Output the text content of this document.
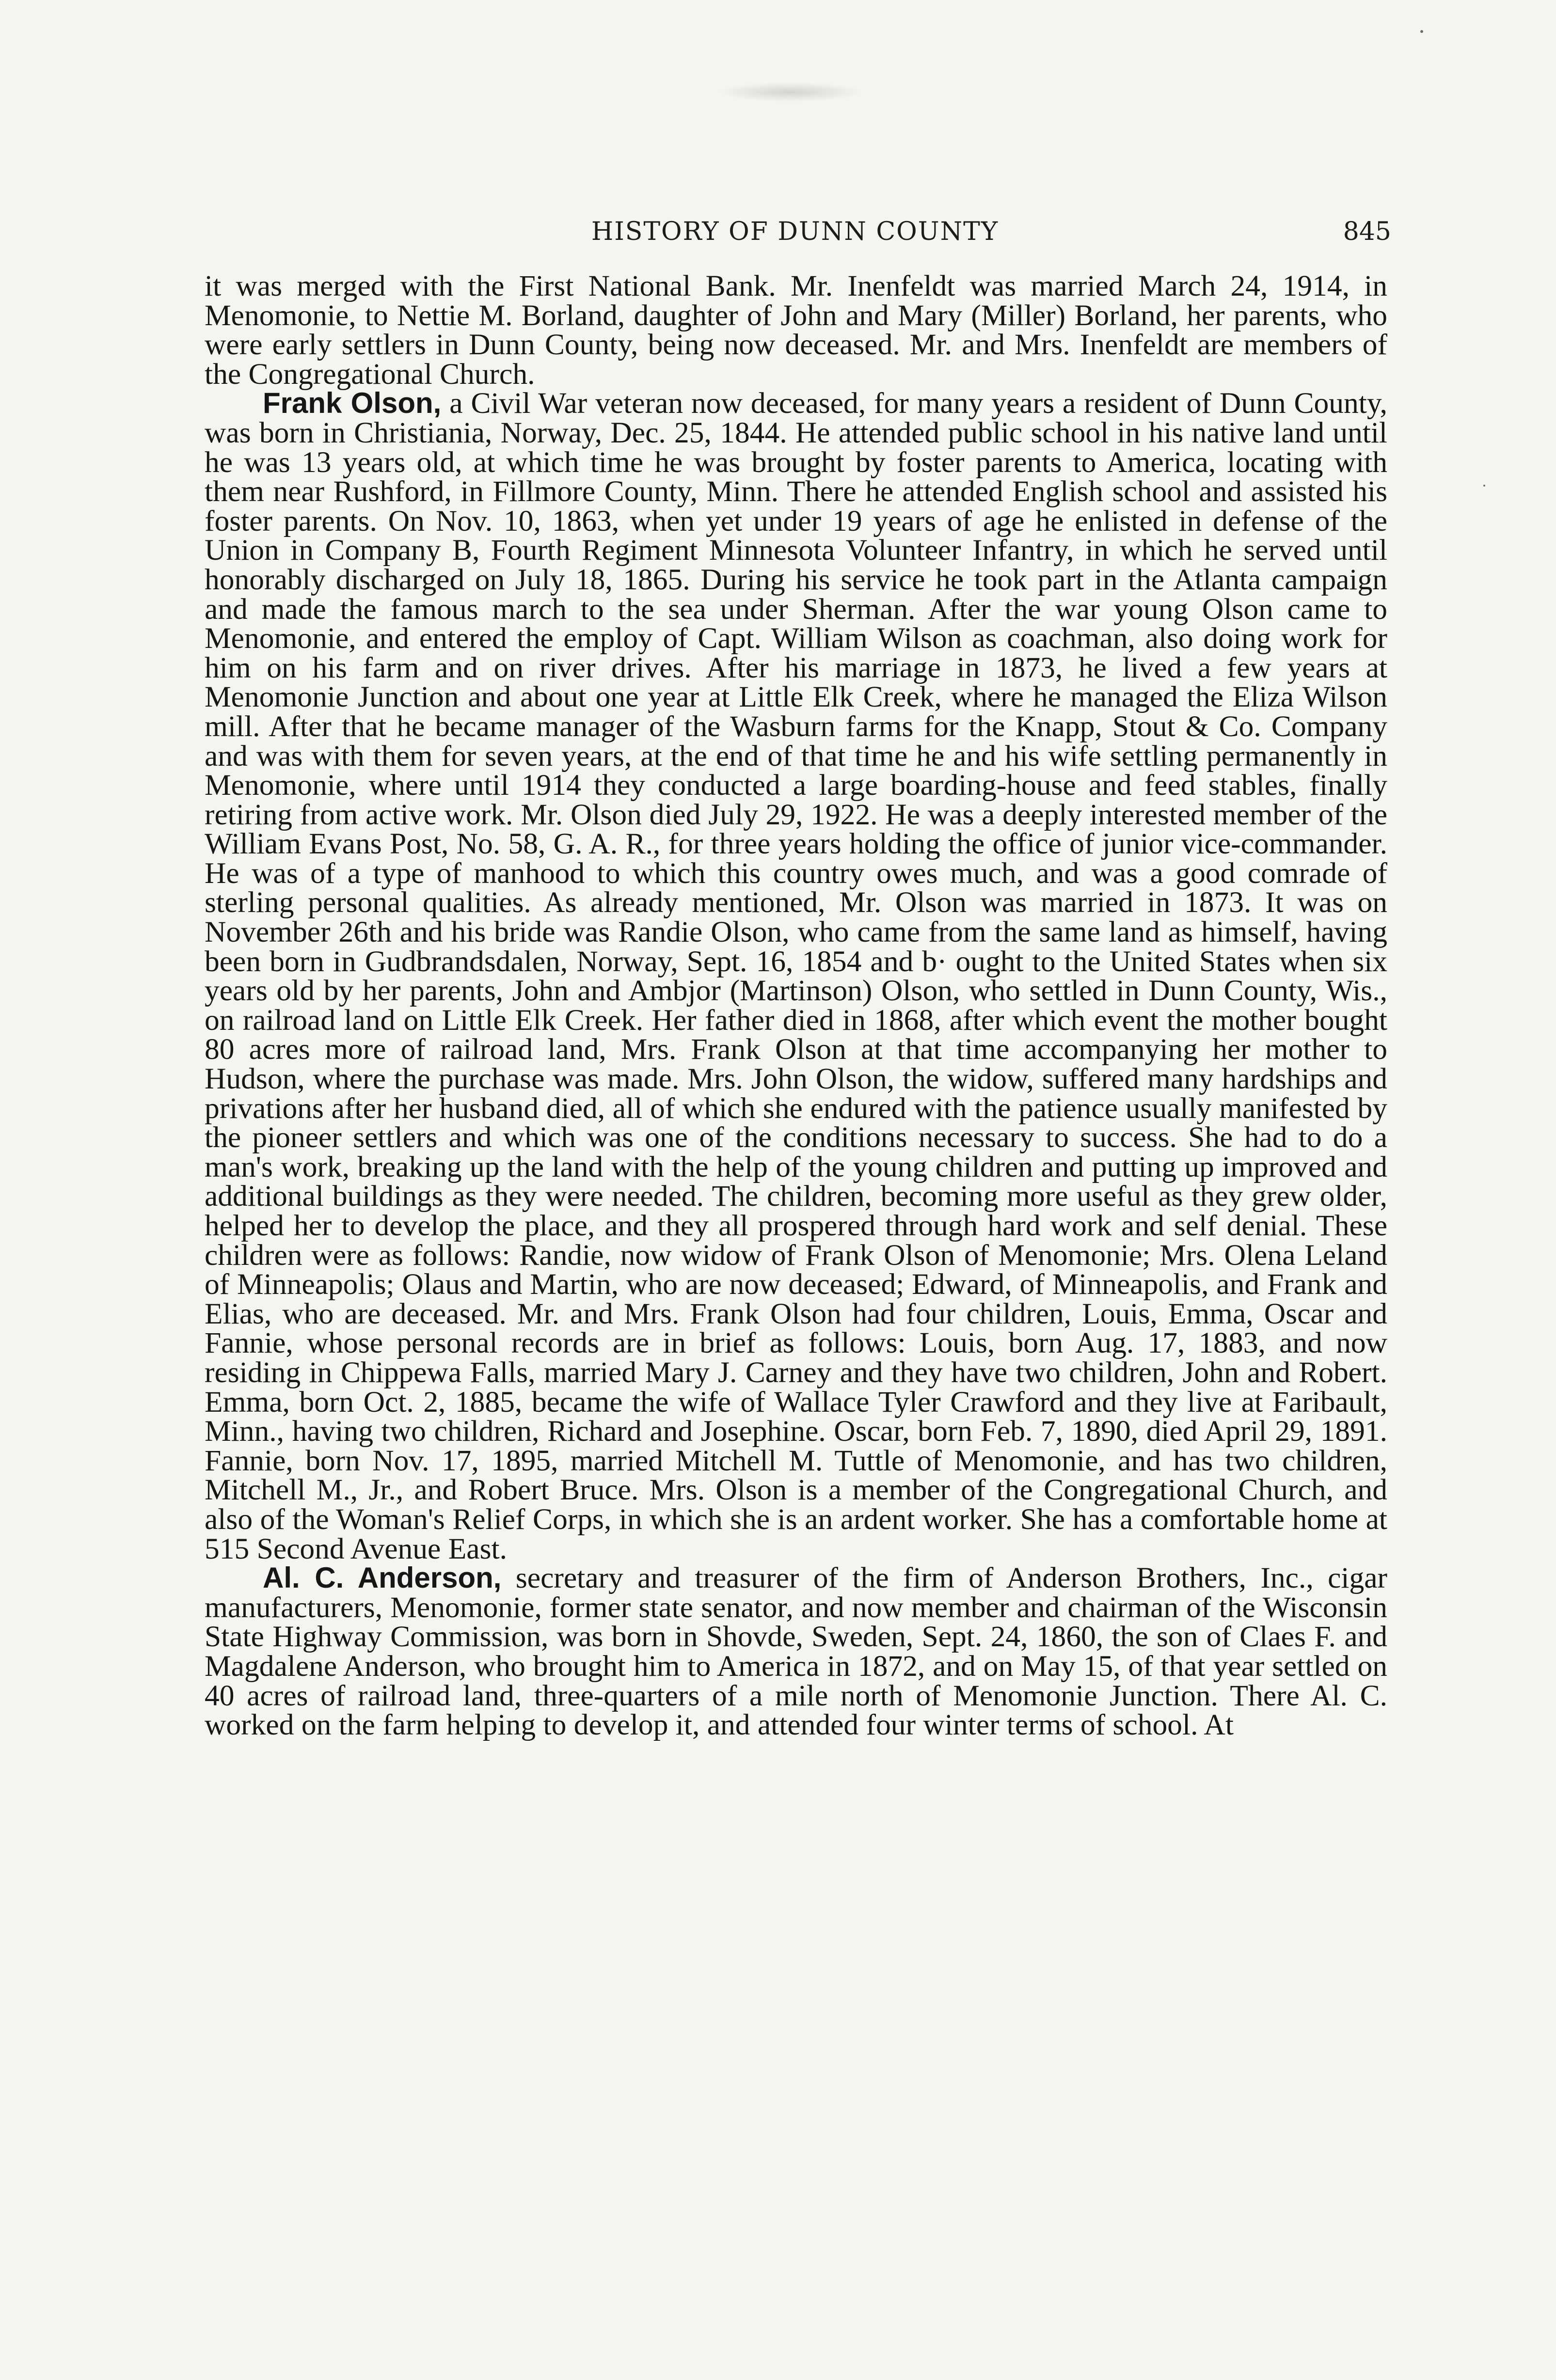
HISTORY OF DUNN COUNTY	845

it was merged with the First National Bank. Mr. Inenfeldt was married March 24, 1914, in Menomonie, to Nettie M. Borland, daughter of John and Mary (Miller) Borland, her parents, who were early settlers in Dunn County, being now deceased. Mr. and Mrs. Inenfeldt are members of the Congregational Church.

Frank Olson, a Civil War veteran now deceased, for many years a resident of Dunn County, was born in Christiania, Norway, Dec. 25, 1844. He attended public school in his native land until he was 13 years old, at which time he was brought by foster parents to America, locating with them near Rushford, in Fillmore County, Minn. There he attended English school and assisted his foster parents. On Nov. 10, 1863, when yet under 19 years of age he enlisted in defense of the Union in Company B, Fourth Regiment Minnesota Volunteer Infantry, in which he served until honorably discharged on July 18, 1865. During his service he took part in the Atlanta campaign and made the famous march to the sea under Sherman. After the war young Olson came to Menomonie, and entered the employ of Capt. William Wilson as coachman, also doing work for him on his farm and on river drives. After his marriage in 1873, he lived a few years at Menomonie Junction and about one year at Little Elk Creek, where he managed the Eliza Wilson mill. After that he became manager of the Wasburn farms for the Knapp, Stout & Co. Company and was with them for seven years, at the end of that time he and his wife settling permanently in Menomonie, where until 1914 they conducted a large boarding-house and feed stables, finally retiring from active work. Mr. Olson died July 29, 1922. He was a deeply interested member of the William Evans Post, No. 58, G. A. R., for three years holding the office of junior vice-commander. He was of a type of manhood to which this country owes much, and was a good comrade of sterling personal qualities. As already mentioned, Mr. Olson was married in 1873. It was on November 26th and his bride was Randie Olson, who came from the same land as himself, having been born in Gudbrandsdalen, Norway, Sept. 16, 1854 and b· ought to the United States when six years old by her parents, John and Ambjor (Martinson) Olson, who settled in Dunn County, Wis., on railroad land on Little Elk Creek. Her father died in 1868, after which event the mother bought 80 acres more of railroad land, Mrs. Frank Olson at that time accompanying her mother to Hudson, where the purchase was made. Mrs. John Olson, the widow, suffered many hardships and privations after her husband died, all of which she endured with the patience usually manifested by the pioneer settlers and which was one of the conditions necessary to success. She had to do a man's work, breaking up the land with the help of the young children and putting up improved and additional buildings as they were needed. The children, becoming more useful as they grew older, helped her to develop the place, and they all prospered through hard work and self denial. These children were as follows: Randie, now widow of Frank Olson of Menomonie; Mrs. Olena Leland of Minneapolis; Olaus and Martin, who are now deceased; Edward, of Minneapolis, and Frank and Elias, who are deceased. Mr. and Mrs. Frank Olson had four children, Louis, Emma, Oscar and Fannie, whose personal records are in brief as follows: Louis, born Aug. 17, 1883, and now residing in Chippewa Falls, married Mary J. Carney and they have two children, John and Robert. Emma, born Oct. 2, 1885, became the wife of Wallace Tyler Crawford and they live at Faribault, Minn., having two children, Richard and Josephine. Oscar, born Feb. 7, 1890, died April 29, 1891. Fannie, born Nov. 17, 1895, married Mitchell M. Tuttle of Menomonie, and has two children, Mitchell M., Jr., and Robert Bruce. Mrs. Olson is a member of the Congregational Church, and also of the Woman's Relief Corps, in which she is an ardent worker. She has a comfortable home at 515 Second Avenue East.

Al. C. Anderson, secretary and treasurer of the firm of Anderson Brothers, Inc., cigar manufacturers, Menomonie, former state senator, and now member and chairman of the Wisconsin State Highway Commission, was born in Shovde, Sweden, Sept. 24, 1860, the son of Claes F. and Magdalene Anderson, who brought him to America in 1872, and on May 15, of that year settled on 40 acres of railroad land, three-quarters of a mile north of Menomonie Junction. There Al. C. worked on the farm helping to develop it, and attended four winter terms of school. At
